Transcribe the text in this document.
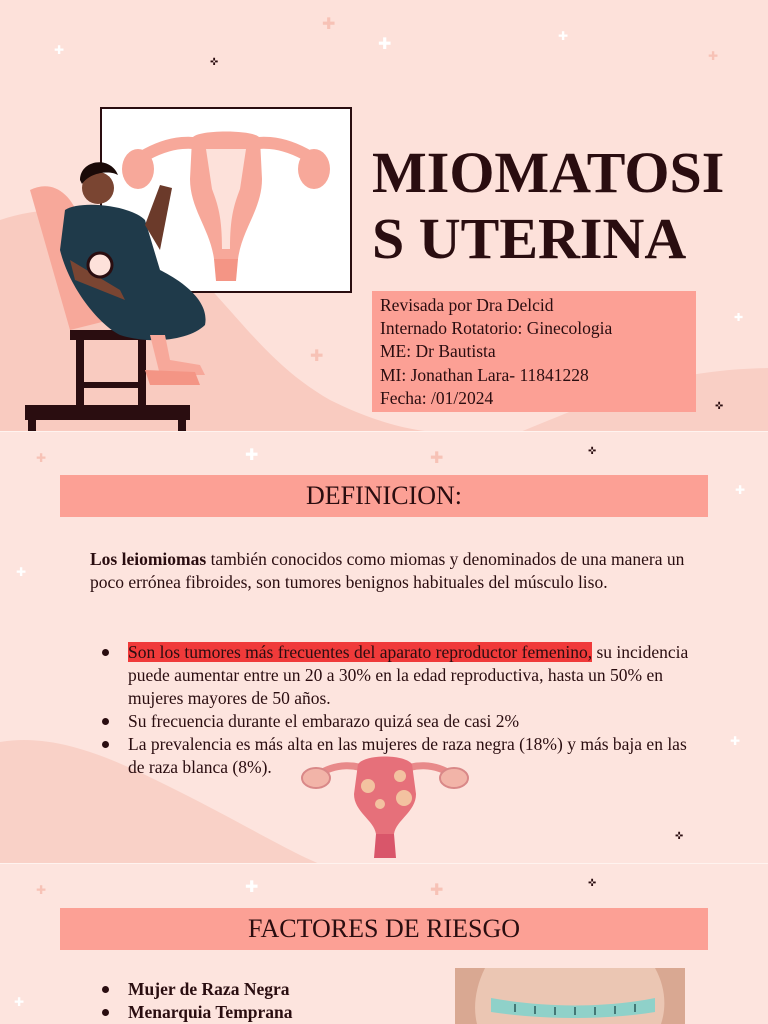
✚
✚	✚	✚
✚
✚
✚
✜
✜
MIOMATOSIS UTERINA
Revisada por Dra Delcid
Internado Rotatorio: Ginecologia
ME: Dr Bautista
MI: Jonathan Lara- 11841228
Fecha: /01/2024
✚	✚	✚
✚
✚
✚
✜
✜
DEFINICION:
Los leiomiomas también conocidos como miomas y denominados de una manera un poco errónea fibroides, son tumores benignos habituales del músculo liso.
Son los tumores más frecuentes del aparato reproductor femenino, su incidencia puede aumentar entre un 20 a 30% en la edad reproductiva, hasta un 50% en mujeres mayores de 50 años.
Su frecuencia durante el embarazo quizá sea de casi 2%
La prevalencia es más alta en las mujeres de raza negra (18%) y más baja en las de raza blanca (8%).
✚	✚	✚
✚
✜
FACTORES DE RIESGO
Mujer de Raza Negra
Menarquia Temprana
